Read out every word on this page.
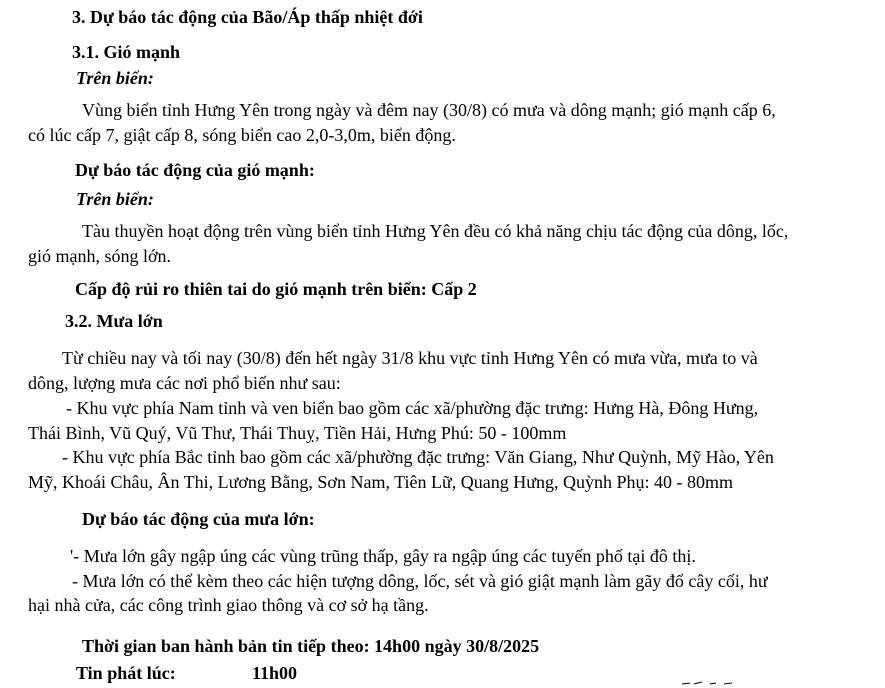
3. Dự báo tác động của Bão/Áp thấp nhiệt đới
3.1. Gió mạnh
Trên biển:
Vùng biển tỉnh Hưng Yên trong ngày và đêm nay (30/8) có mưa và dông mạnh; gió mạnh cấp 6,
có lúc cấp 7, giật cấp 8, sóng biển cao 2,0-3,0m, biển động.
Dự báo tác động của gió mạnh:
Trên biển:
Tàu thuyền hoạt động trên vùng biển tỉnh Hưng Yên đều có khả năng chịu tác động của dông, lốc,
gió mạnh, sóng lớn.
Cấp độ rủi ro thiên tai do gió mạnh trên biển: Cấp 2
3.2. Mưa lớn
Từ chiều nay và tối nay (30/8) đến hết ngày 31/8 khu vực tỉnh Hưng Yên có mưa vừa, mưa to và
dông, lượng mưa các nơi phổ biến như sau:
- Khu vực phía Nam tỉnh và ven biển bao gồm các xã/phường đặc trưng: Hưng Hà, Đông Hưng,
Thái Bình, Vũ Quý, Vũ Thư, Thái Thuỵ, Tiền Hải, Hưng Phú: 50 - 100mm
- Khu vực phía Bắc tỉnh bao gồm các xã/phường đặc trưng: Văn Giang, Như Quỳnh, Mỹ Hào, Yên
Mỹ, Khoái Châu, Ân Thi, Lương Bằng, Sơn Nam, Tiên Lữ, Quang Hưng, Quỳnh Phụ: 40 - 80mm
Dự báo tác động của mưa lớn:
'- Mưa lớn gây ngập úng các vùng trũng thấp, gây ra ngập úng các tuyến phố tại đô thị.
- Mưa lớn có thể kèm theo các hiện tượng dông, lốc, sét và gió giật mạnh làm gãy đổ cây cối, hư
hại nhà cửa, các công trình giao thông và cơ sở hạ tầng.
Thời gian ban hành bản tin tiếp theo: 14h00 ngày 30/8/2025
Tin phát lúc:	11h00
